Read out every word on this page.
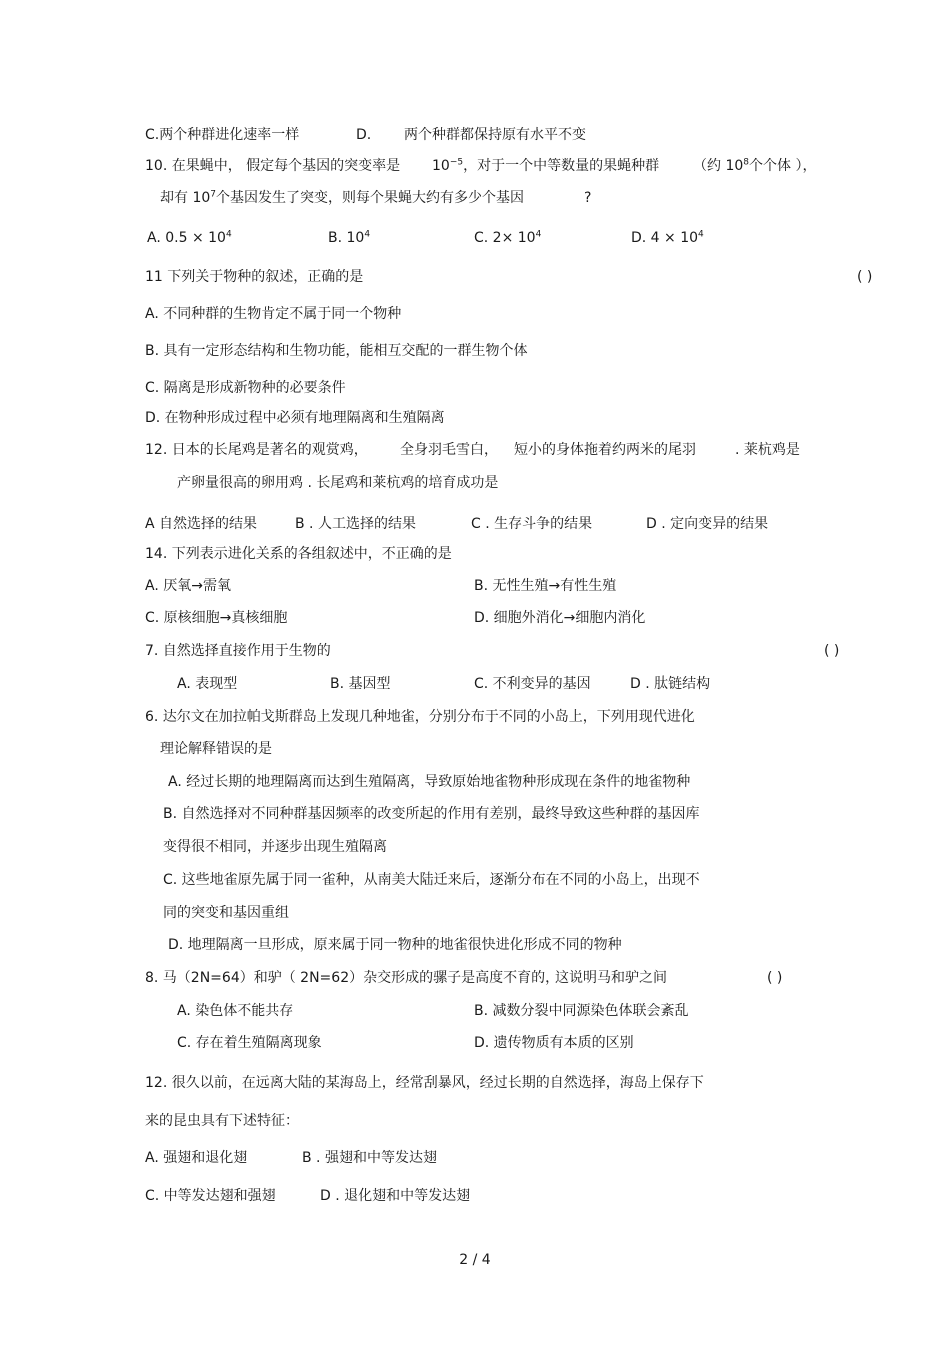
C.两个种群进化速率一样	D. 两个种群都保持原有水平不变
10. 在果蝇中， 假定每个基因的突变率是 $10^{-5}$，对于一个中等数量的果蝇种群 （约 $10^8$个个体 ），
却有 $10^7$个基因发生了突变，则每个果蝇大约有多少个基因	?
A. $0.5 \times 10^4$	B. $10^4$	C. $2\times 10^4$	D. $4 \times 10^4$
11 下列关于物种的叙述，正确的是	( )
A. 不同种群的生物肯定不属于同一个物种
B. 具有一定形态结构和生物功能，能相互交配的一群生物个体
C. 隔离是形成新物种的必要条件
D. 在物种形成过程中必须有地理隔离和生殖隔离
12. 日本的长尾鸡是著名的观赏鸡， 全身羽毛雪白， 短小的身体拖着约两米的尾羽	. 莱杭鸡是
产卵量很高的卵用鸡 . 长尾鸡和莱杭鸡的培育成功是
A 自然选择的结果	B . 人工选择的结果	C . 生存斗争的结果	D . 定向变异的结果
14. 下列表示进化关系的各组叙述中，不正确的是
A. 厌氧→需氧	B. 无性生殖→有性生殖
C. 原核细胞→真核细胞	D. 细胞外消化→细胞内消化
7. 自然选择直接作用于生物的	( )
A. 表现型	B. 基因型	C. 不利变异的基因	D . 肽链结构
6. 达尔文在加拉帕戈斯群岛上发现几种地雀，分别分布于不同的小岛上，下列用现代进化
理论解释错误的是
A. 经过长期的地理隔离而达到生殖隔离，导致原始地雀物种形成现在条件的地雀物种
B. 自然选择对不同种群基因频率的改变所起的作用有差别，最终导致这些种群的基因库
变得很不相同，并逐步出现生殖隔离
C. 这些地雀原先属于同一雀种，从南美大陆迁来后，逐渐分布在不同的小岛上，出现不
同的突变和基因重组
D. 地理隔离一旦形成，原来属于同一物种的地雀很快进化形成不同的物种
8. 马（2N=64）和驴（ 2N=62）杂交形成的骡子是高度不育的，
这说明马和驴之间	( )
A. 染色体不能共存	B. 减数分裂中同源染色体联会紊乱
C. 存在着生殖隔离现象	D. 遗传物质有本质的区别
12. 很久以前，在远离大陆的某海岛上，经常刮暴风，经过长期的自然选择，海岛上保存下
来的昆虫具有下述特征：
A. 强翅和退化翅	B . 强翅和中等发达翅
C. 中等发达翅和强翅	D . 退化翅和中等发达翅
2 / 4
